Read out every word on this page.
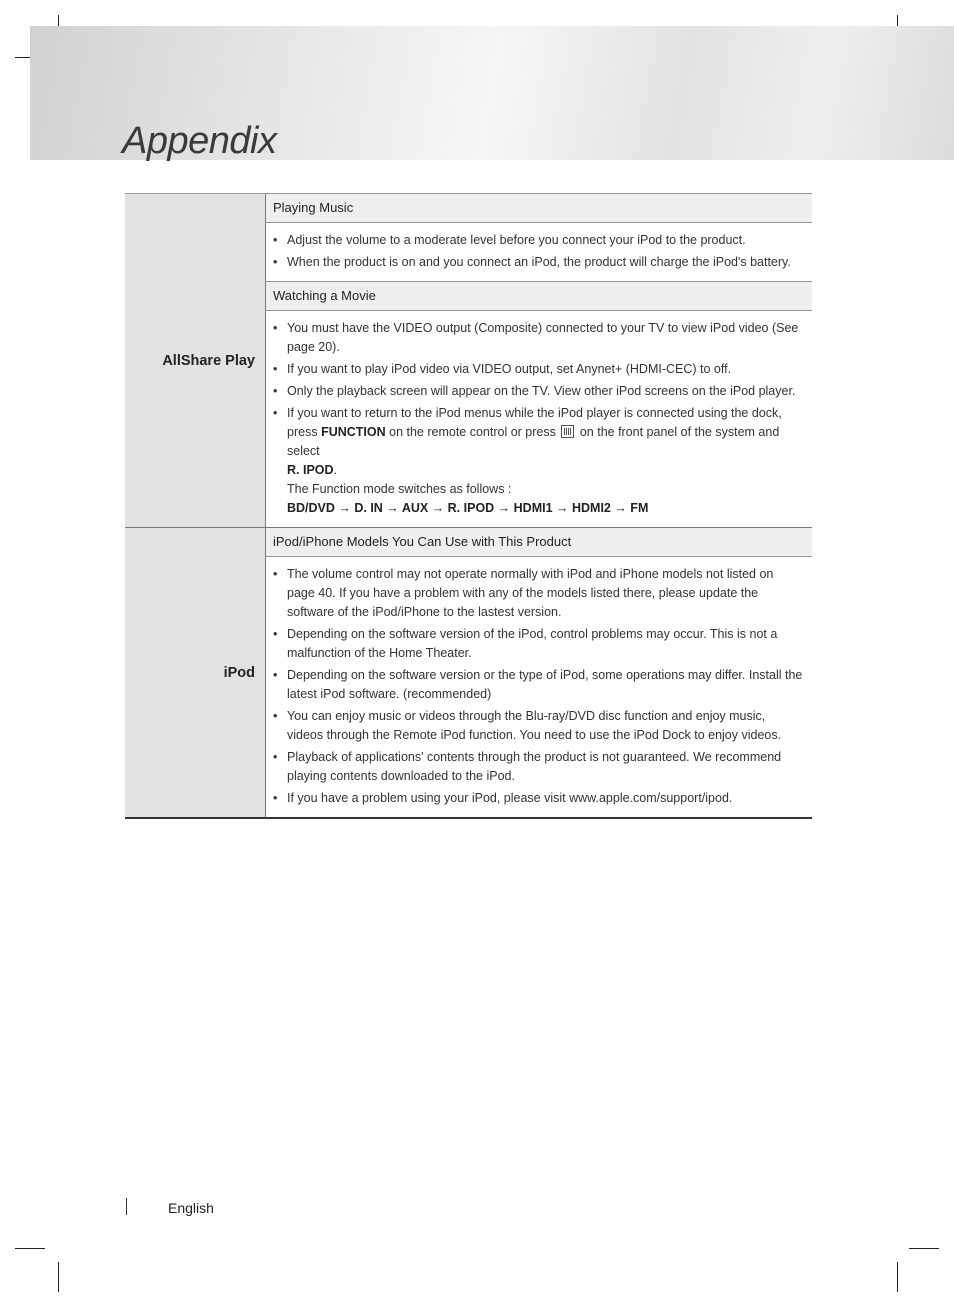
Appendix
AllShare Play
Playing Music
• Adjust the volume to a moderate level before you connect your iPod to the product.
• When the product is on and you connect an iPod, the product will charge the iPod's battery.
Watching a Movie
• You must have the VIDEO output (Composite) connected to your TV to view iPod video (See page 20).
• If you want to play iPod video via VIDEO output, set Anynet+ (HDMI-CEC) to off.
• Only the playback screen will appear on the TV. View other iPod screens on the iPod player.
• If you want to return to the iPod menus while the iPod player is connected using the dock, press FUNCTION on the remote control or press on the front panel of the system and select
R. IPOD.
The Function mode switches as follows :
BD/DVD → D. IN → AUX → R. IPOD → HDMI1 → HDMI2 → FM
iPod
iPod/iPhone Models You Can Use with This Product
• The volume control may not operate normally with iPod and iPhone models not listed on page 40. If you have a problem with any of the models listed there, please update the software of the iPod/iPhone to the lastest version.
• Depending on the software version of the iPod, control problems may occur. This is not a malfunction of the Home Theater.
• Depending on the software version or the type of iPod, some operations may differ. Install the latest iPod software. (recommended)
• You can enjoy music or videos through the Blu-ray/DVD disc function and enjoy music, videos through the Remote iPod function. You need to use the iPod Dock to enjoy videos.
• Playback of applications' contents through the product is not guaranteed. We recommend playing contents downloaded to the iPod.
• If you have a problem using your iPod, please visit www.apple.com/support/ipod.
English
